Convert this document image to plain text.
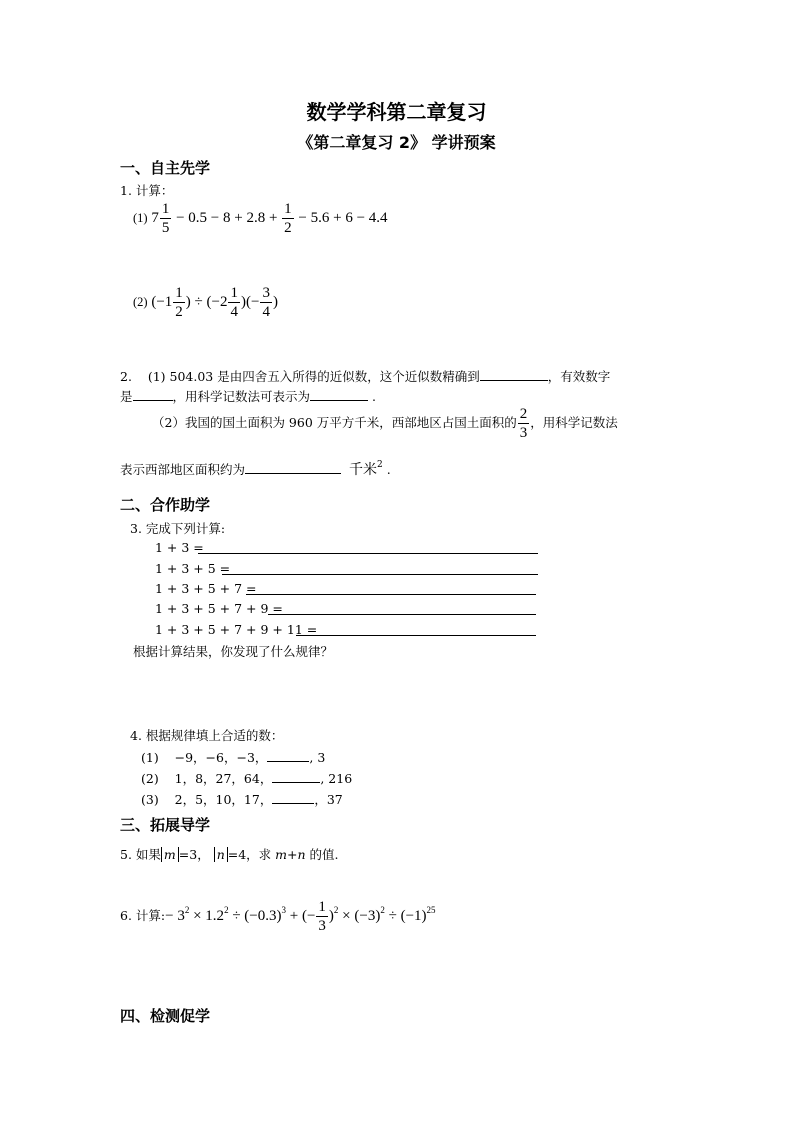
数学学科第二章复习
《第二章复习 2》 学讲预案
一、自主先学
1. 计算：
(1) $7 \frac{1}{5} - 0.5 - 8 + 2.8 + \frac{1}{2} - 5.6 + 6 - 4.4$
(2) ($-1 \frac{1}{2}$ ) ÷ ($-2 \frac{1}{4}$ )(− $\frac{3}{4}$ )
2. (1) 504.03 是由四舍五入所得的近似数，这个近似数精确到	，有效数字
是	，用科学记数法可表示为	.
（2）我国的国土面积为 960 万平方千米，西部地区占国土面积的 $\frac{2}{3}$ ，用科学记数法
表示西部地区面积约为	千米$^2$ .
二、合作助学
3. 完成下列计算:
1 + 3 =
1 + 3 + 5 =
1 + 3 + 5 + 7 =
1 + 3 + 5 + 7 + 9 =
1 + 3 + 5 + 7 + 9 + 11 =
根据计算结果，你发现了什么规律？
4. 根据规律填上合适的数：
(1) −9，−6，−3，	, 3
(2) 1，8，27，64，	, 216
(3) 2，5，10，17，	，37
三、拓展导学
5. 如果 m =3， n =4，求 m+n 的值.
6. 计算:− $3^2 \times 1.2^2 \div (-0.3)^3$ + (− $\frac{1}{3} )^2 \times (-3)^2 \div (-1)^{25}$
四、检测促学
